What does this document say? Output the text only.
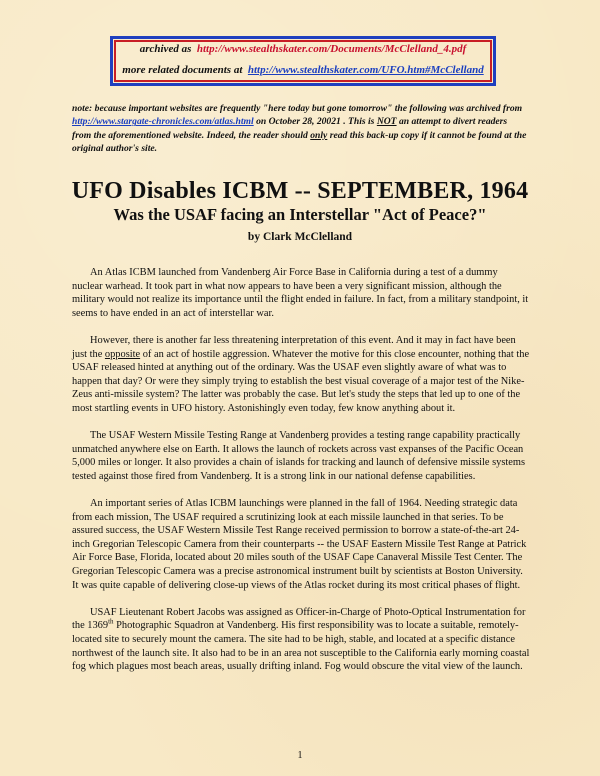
archived as http://www.stealthskater.com/Documents/McClelland_4.pdf
more related documents at http://www.stealthskater.com/UFO.htm#McClelland
note: because important websites are frequently "here today but gone tomorrow" the following was archived from  http://www.stargate-chronicles.com/atlas.html on October 28, 20021 . This is NOT an attempt to divert readers from the aforementioned website. Indeed, the reader should only read this back-up copy if it cannot be found at the original author's site.
UFO Disables ICBM -- SEPTEMBER, 1964
Was the USAF facing an Interstellar "Act of Peace?"
by Clark McClelland

An Atlas ICBM launched from Vandenberg Air Force Base in California during a test of a dummy nuclear warhead. It took part in what now appears to have been a very significant mission, although the military would not realize its importance until the flight ended in failure. In fact, from a military standpoint, it seems to have ended in an act of interstellar war.

However, there is another far less threatening interpretation of this event. And it may in fact have been just the opposite of an act of hostile aggression. Whatever the motive for this close encounter, nothing that the USAF released hinted at anything out of the ordinary. Was the USAF even slightly aware of what was to happen that day? Or were they simply trying to establish the best visual coverage of a major test of the Nike-Zeus anti-missile system? The latter was probably the case. But let's study the steps that led up to one of the most startling events in UFO history. Astonishingly even today, few know anything about it.

The USAF Western Missile Testing Range at Vandenberg provides a testing range capability practically unmatched anywhere else on Earth. It allows the launch of rockets across vast expanses of the Pacific Ocean 5,000 miles or longer. It also provides a chain of islands for tracking and launch of defensive missile systems tested against those fired from Vandenberg. It is a strong link in our national defense capabilities.

An important series of Atlas ICBM launchings were planned in the fall of 1964. Needing strategic data from each mission, The USAF required a scrutinizing look at each missile launched in that series. To be assured success, the USAF Western Missile Test Range received permission to borrow a state-of-the-art 24-inch Gregorian Telescopic Camera from their counterparts -- the USAF Eastern Missile Test Range at Patrick Air Force Base, Florida, located about 20 miles south of the USAF Cape Canaveral Missile Test Center. The Gregorian Telescopic Camera was a precise astronomical instrument built by scientists at Boston University. It was quite capable of delivering close-up views of the Atlas rocket during its most critical phases of flight.

USAF Lieutenant Robert Jacobs was assigned as Officer-in-Charge of Photo-Optical Instrumentation for the 1369th Photographic Squadron at Vandenberg. His first responsibility was to locate a suitable, remotely-located site to securely mount the camera. The site had to be high, stable, and located at a specific distance northwest of the launch site. It also had to be in an area not susceptible to the California early morning coastal fog which plagues most beach areas, usually drifting inland. Fog would obscure the vital view of the launch.

1
